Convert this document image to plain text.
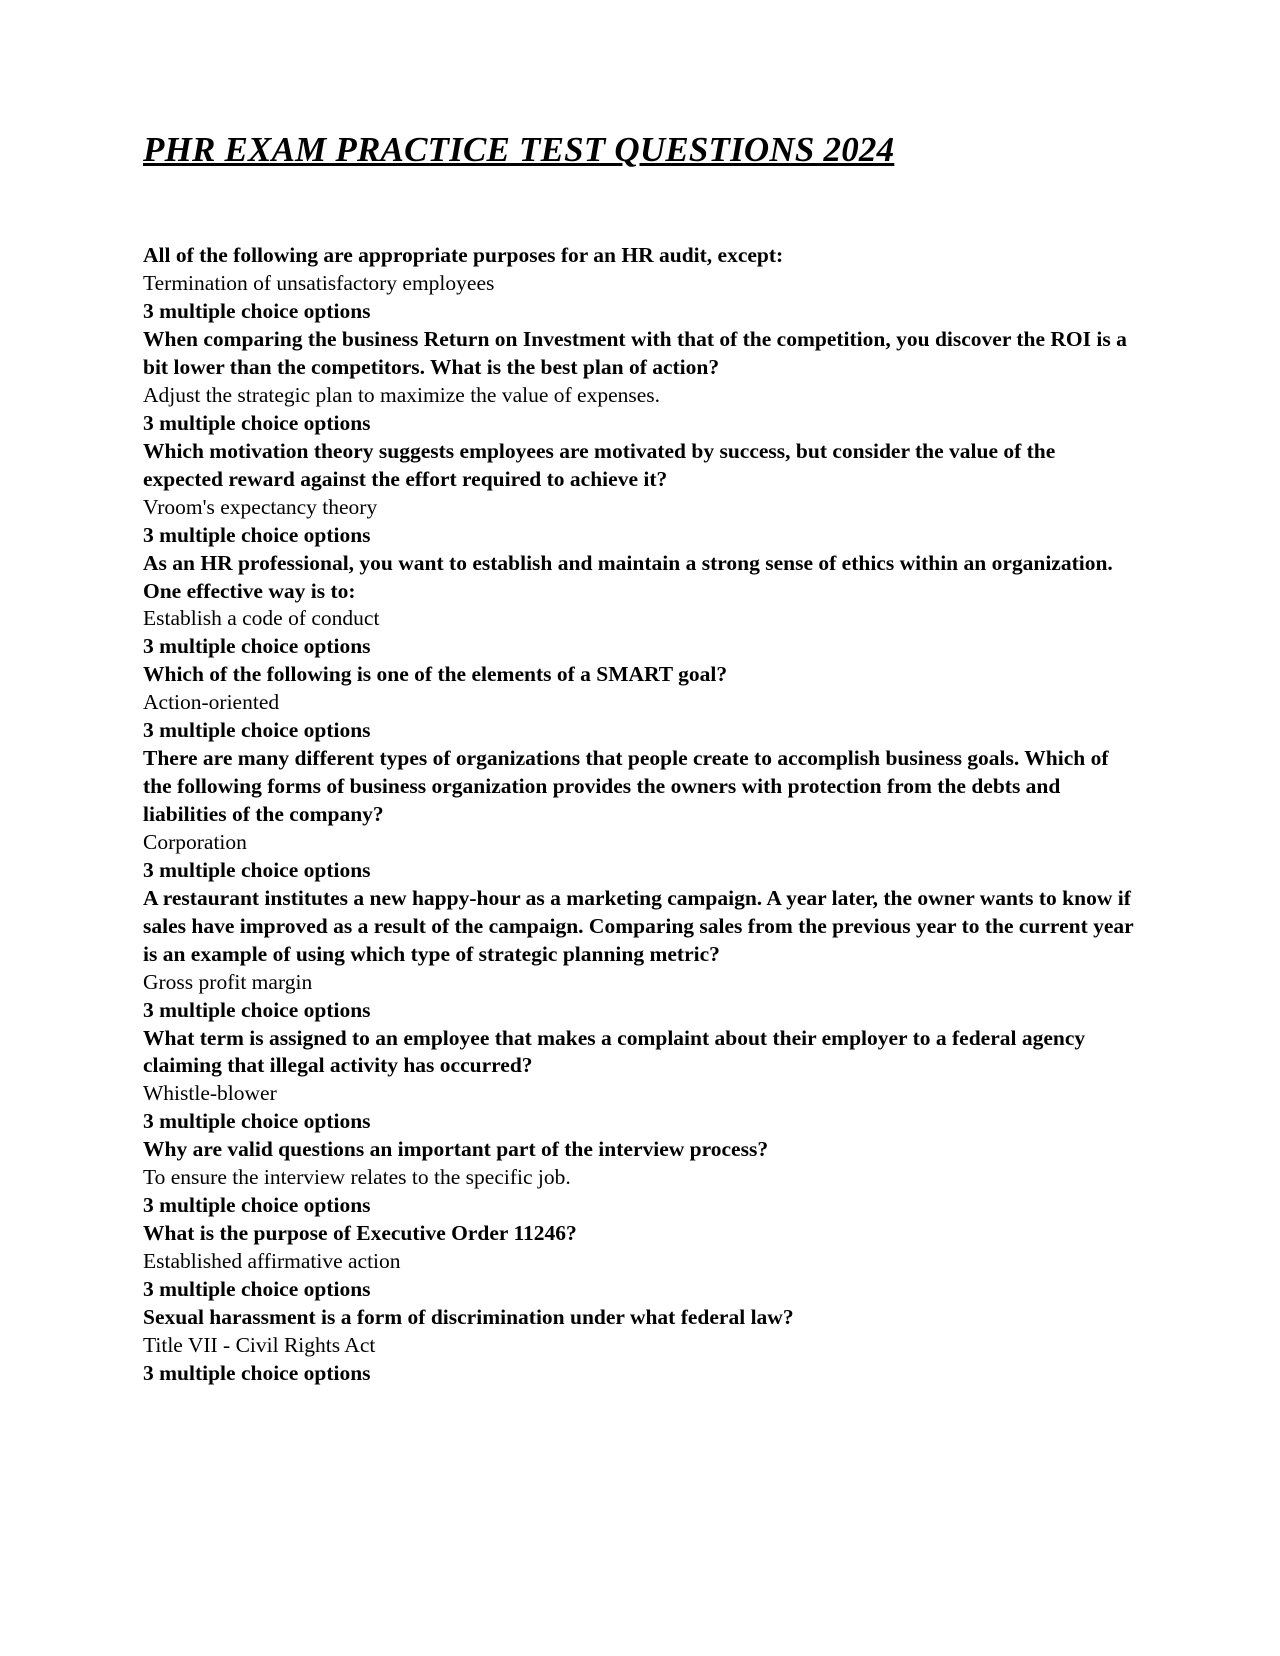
PHR EXAM PRACTICE TEST QUESTIONS 2024

All of the following are appropriate purposes for an HR audit, except:

Termination of unsatisfactory employees

3 multiple choice options

When comparing the business Return on Investment with that of the competition, you discover the ROI is a bit lower than the competitors. What is the best plan of action?

Adjust the strategic plan to maximize the value of expenses.

3 multiple choice options

Which motivation theory suggests employees are motivated by success, but consider the value of the expected reward against the effort required to achieve it?

Vroom's expectancy theory

3 multiple choice options

As an HR professional, you want to establish and maintain a strong sense of ethics within an organization. One effective way is to:

Establish a code of conduct

3 multiple choice options

Which of the following is one of the elements of a SMART goal?

Action-oriented

3 multiple choice options

There are many different types of organizations that people create to accomplish business goals. Which of the following forms of business organization provides the owners with protection from the debts and liabilities of the company?

Corporation

3 multiple choice options

A restaurant institutes a new happy-hour as a marketing campaign. A year later, the owner wants to know if sales have improved as a result of the campaign. Comparing sales from the previous year to the current year is an example of using which type of strategic planning metric?

Gross profit margin

3 multiple choice options

What term is assigned to an employee that makes a complaint about their employer to a federal agency claiming that illegal activity has occurred?

Whistle-blower

3 multiple choice options

Why are valid questions an important part of the interview process?

To ensure the interview relates to the specific job.

3 multiple choice options

What is the purpose of Executive Order 11246?

Established affirmative action

3 multiple choice options

Sexual harassment is a form of discrimination under what federal law?

Title VII - Civil Rights Act

3 multiple choice options
